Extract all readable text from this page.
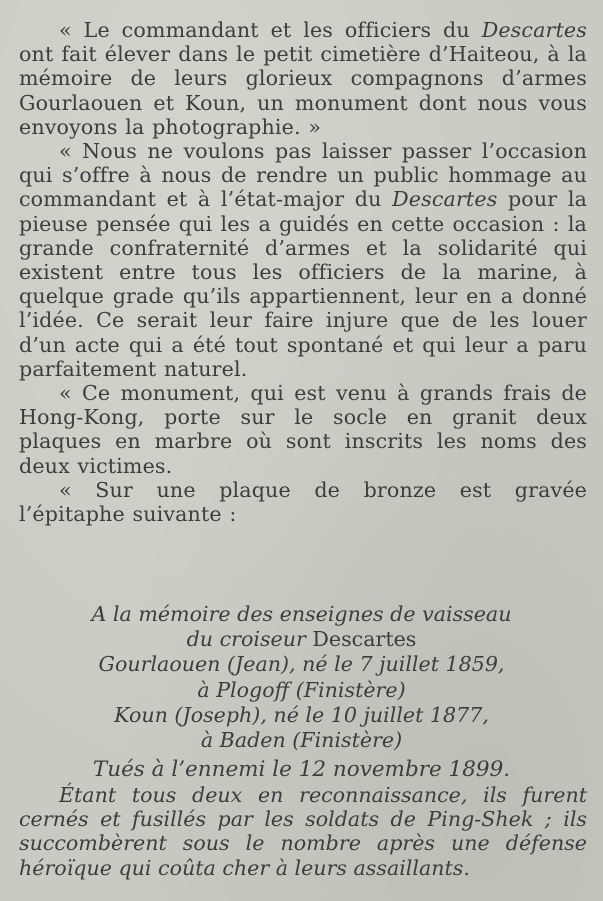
« Le commandant et les officiers du Descartes ont fait élever dans le petit cimetière d’Haiteou, à la mémoire de leurs glorieux compagnons d’armes Gourlaouen et Koun, un monument dont nous vous envoyons la photographie. »

« Nous ne voulons pas laisser passer l’occasion qui s’offre à nous de rendre un public hommage au commandant et à l’état-major du Descartes pour la pieuse pensée qui les a guidés en cette occasion : la grande confraternité d’armes et la solidarité qui existent entre tous les officiers de la marine, à quelque grade qu’ils appartiennent, leur en a donné l’idée. Ce serait leur faire injure que de les louer d’un acte qui a été tout spontané et qui leur a paru parfaitement naturel.

« Ce monument, qui est venu à grands frais de Hong-Kong, porte sur le socle en granit deux plaques en marbre où sont inscrits les noms des deux victimes.

« Sur une plaque de bronze est gravée l’épitaphe suivante :

A la mémoire des enseignes de vaisseau
du croiseur Descartes
Gourlaouen (Jean), né le 7 juillet 1859,
à Plogoff (Finistère)
Koun (Joseph), né le 10 juillet 1877,
à Baden (Finistère)
Tués à l’ennemi le 12 novembre 1899.

Étant tous deux en reconnaissance, ils furent cernés et fusillés par les soldats de Ping-Shek ; ils succombèrent sous le nombre après une défense héroïque qui coûta cher à leurs assaillants.
